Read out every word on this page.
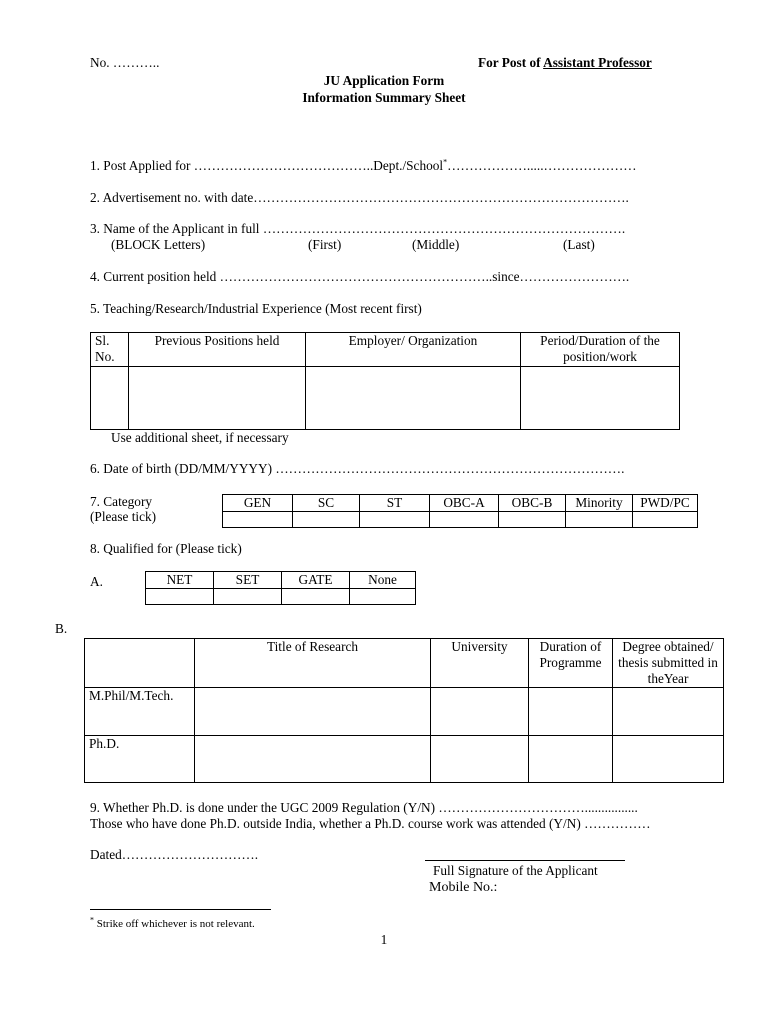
No. ………..	For Post of Assistant Professor
JU Application Form
Information Summary Sheet
1. Post Applied for …………………………………..Dept./School*……………….....…………………
2. Advertisement no. with date………………………………………………………………………….
3. Name of the Applicant in full ……………………………………………………………………….
(BLOCK Letters)	(First)	(Middle)	(Last)
4. Current position held ……………………………………………………..since…………………….
5. Teaching/Research/Industrial Experience (Most recent first)
Sl. No.	Previous Positions held	Employer/ Organization	Period/Duration of the position/work

Use additional sheet, if necessary
6. Date of birth (DD/MM/YYYY) …………………………………………………………………….
7. Category
(Please tick)
GEN	SC	ST	OBC-A	OBC-B	Minority	PWD/PC

8. Qualified for (Please tick)
A.	NET	SET	GATE	None

B.
	Title of Research	University	Duration of Programme	Degree obtained/ thesis submitted in theYear
M.Phil/M.Tech.				
Ph.D.				
9. Whether Ph.D. is done under the UGC 2009 Regulation (Y/N) ……………………………................
Those who have done Ph.D. outside India, whether a Ph.D. course work was attended (Y/N) ……………
Dated………………………….
Full Signature of the Applicant
Mobile No.:
* Strike off whichever is not relevant.
1
